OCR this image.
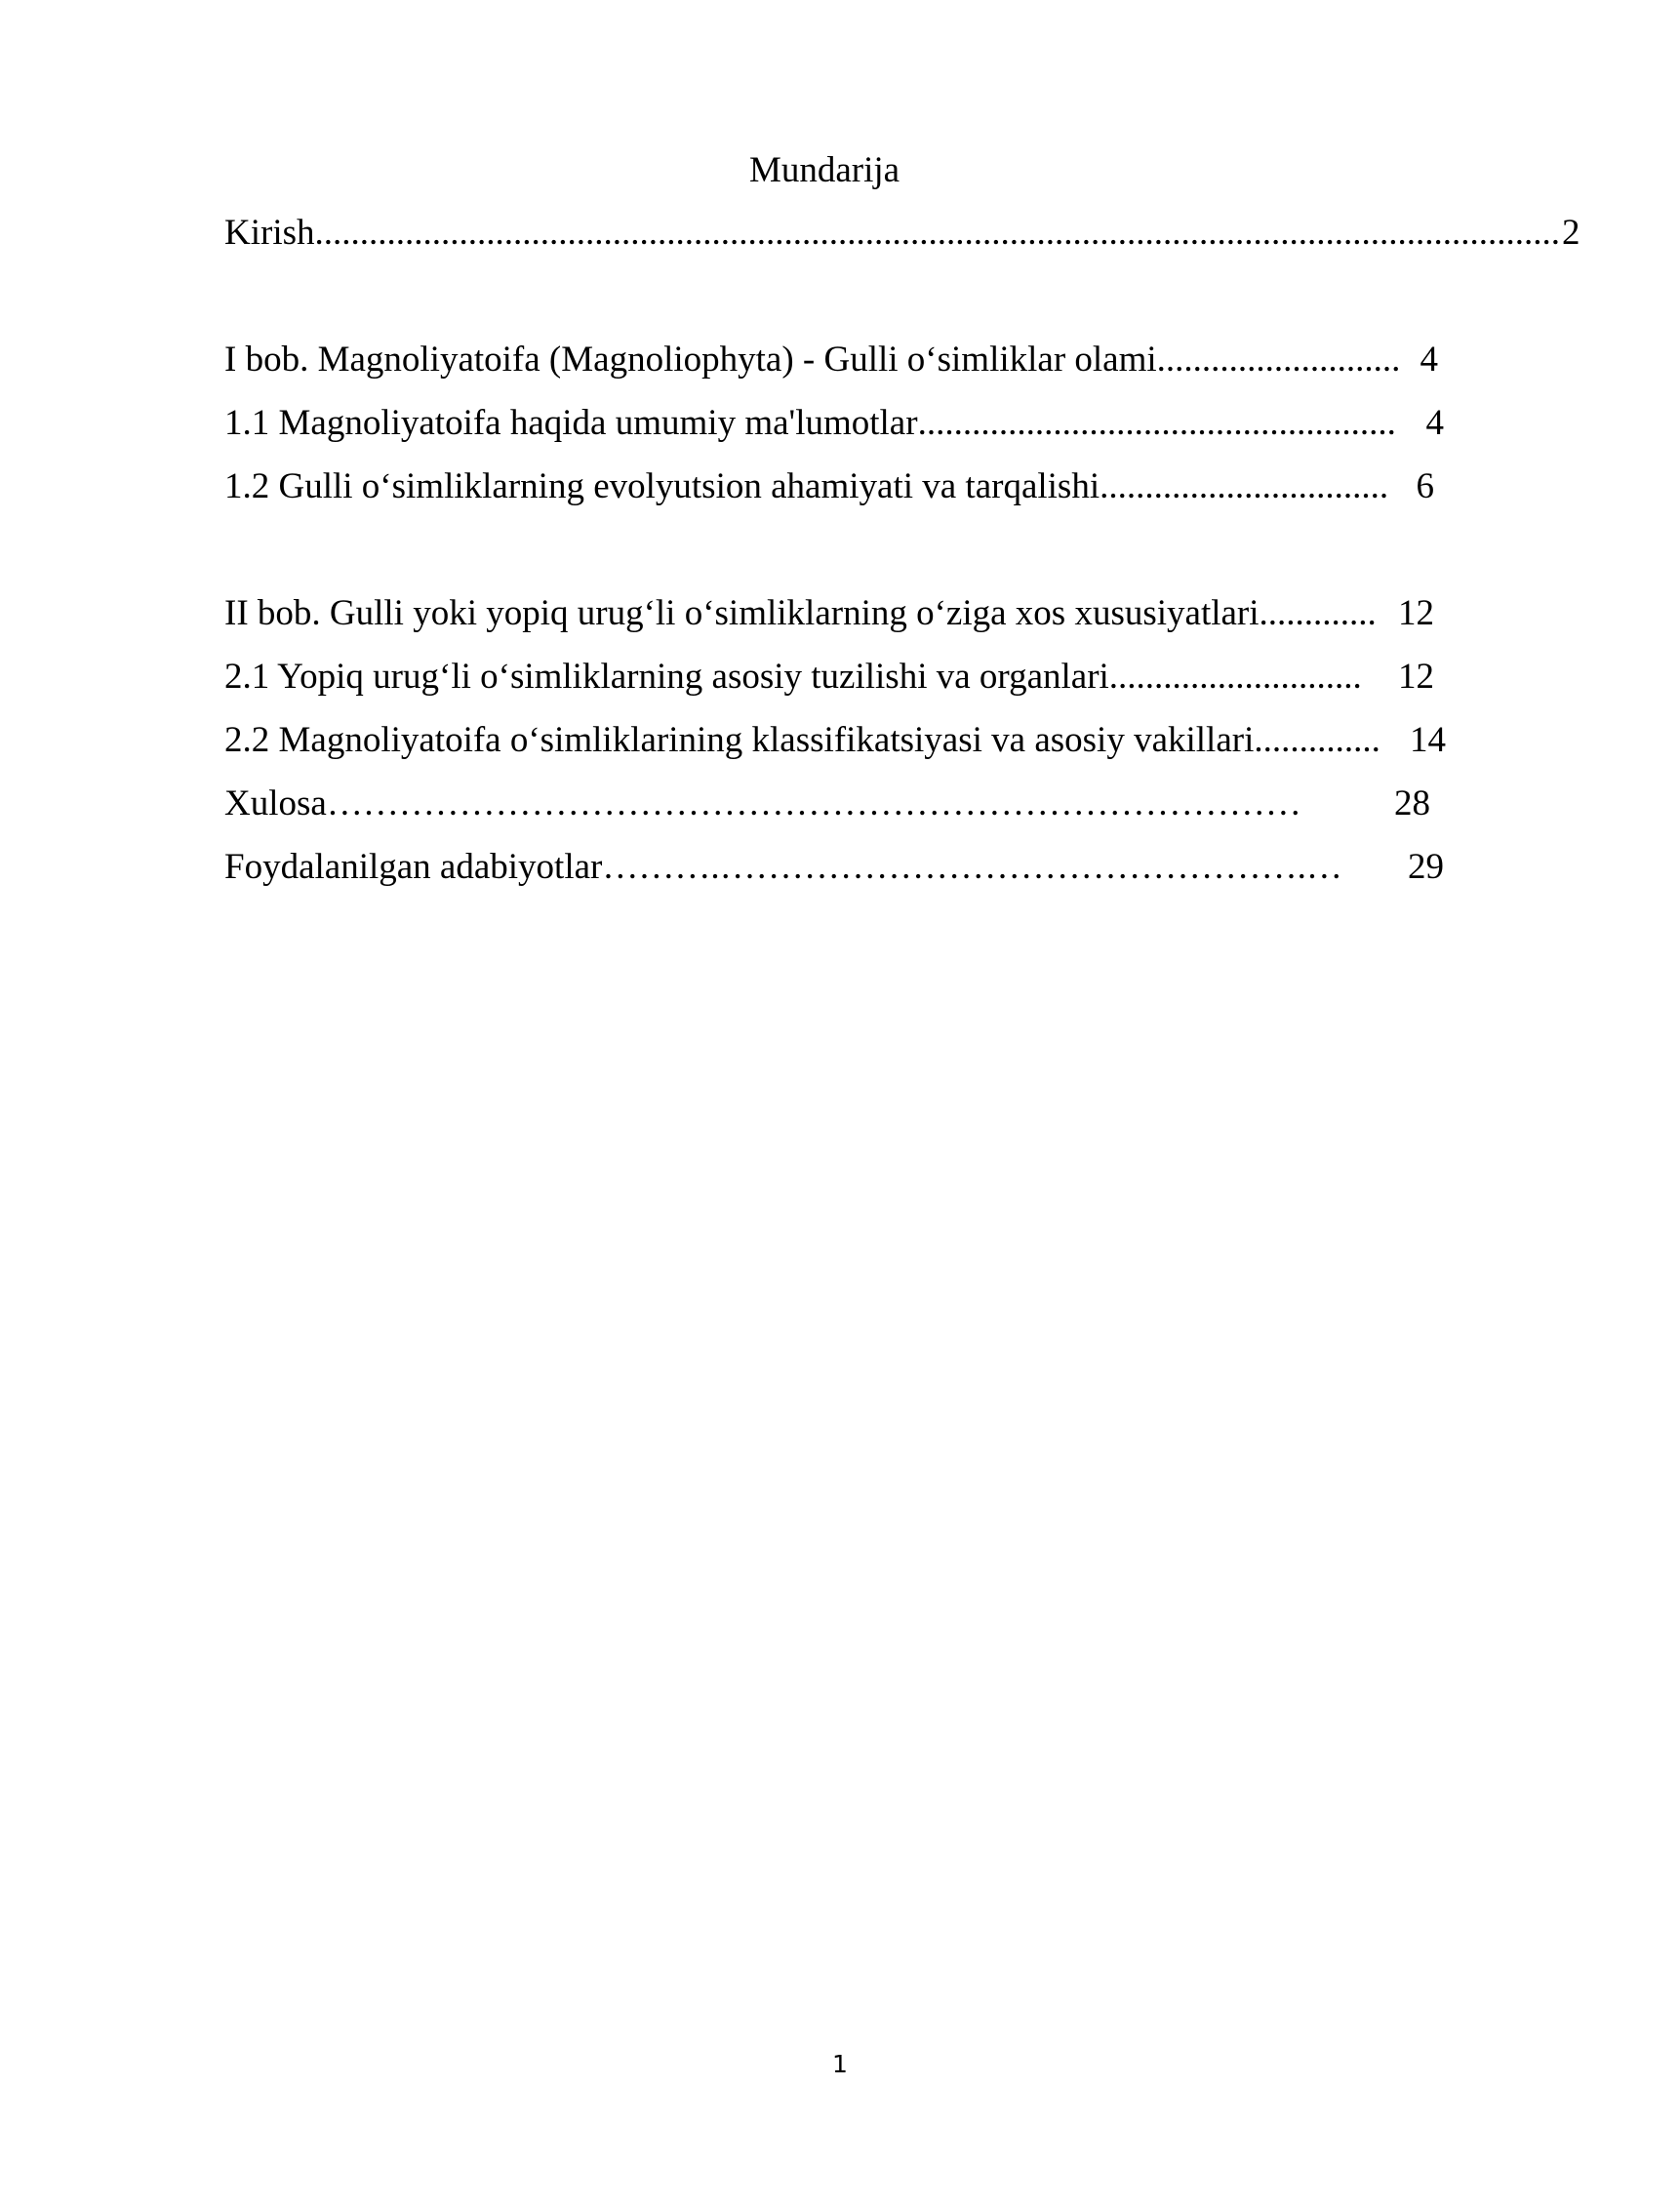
Mundarija
Kirish .......................................................................................................................................... 2
I bob. Magnoliyatoifa (Magnoliophyta) - Gulli o‘simliklar olami ........................... 4
1.1 Magnoliyatoifa haqida umumiy ma'lumotlar ..................................................... 4
1.2 Gulli o‘simliklarning evolyutsion ahamiyati va tarqalishi ................................ 6
II bob. Gulli yoki yopiq urug‘li o‘simliklarning o‘ziga xos xususiyatlari ............. 12
2.1 Yopiq urug‘li o‘simliklarning asosiy tuzilishi va organlari ............................	12
2.2 Magnoliyatoifa o‘simliklarining klassifikatsiyasi va asosiy vakillari .............. 14
Xulosa ………………………………………………………………………	28
Foydalanilgan adabiyotlar ……….………………………………………….…	29
1
